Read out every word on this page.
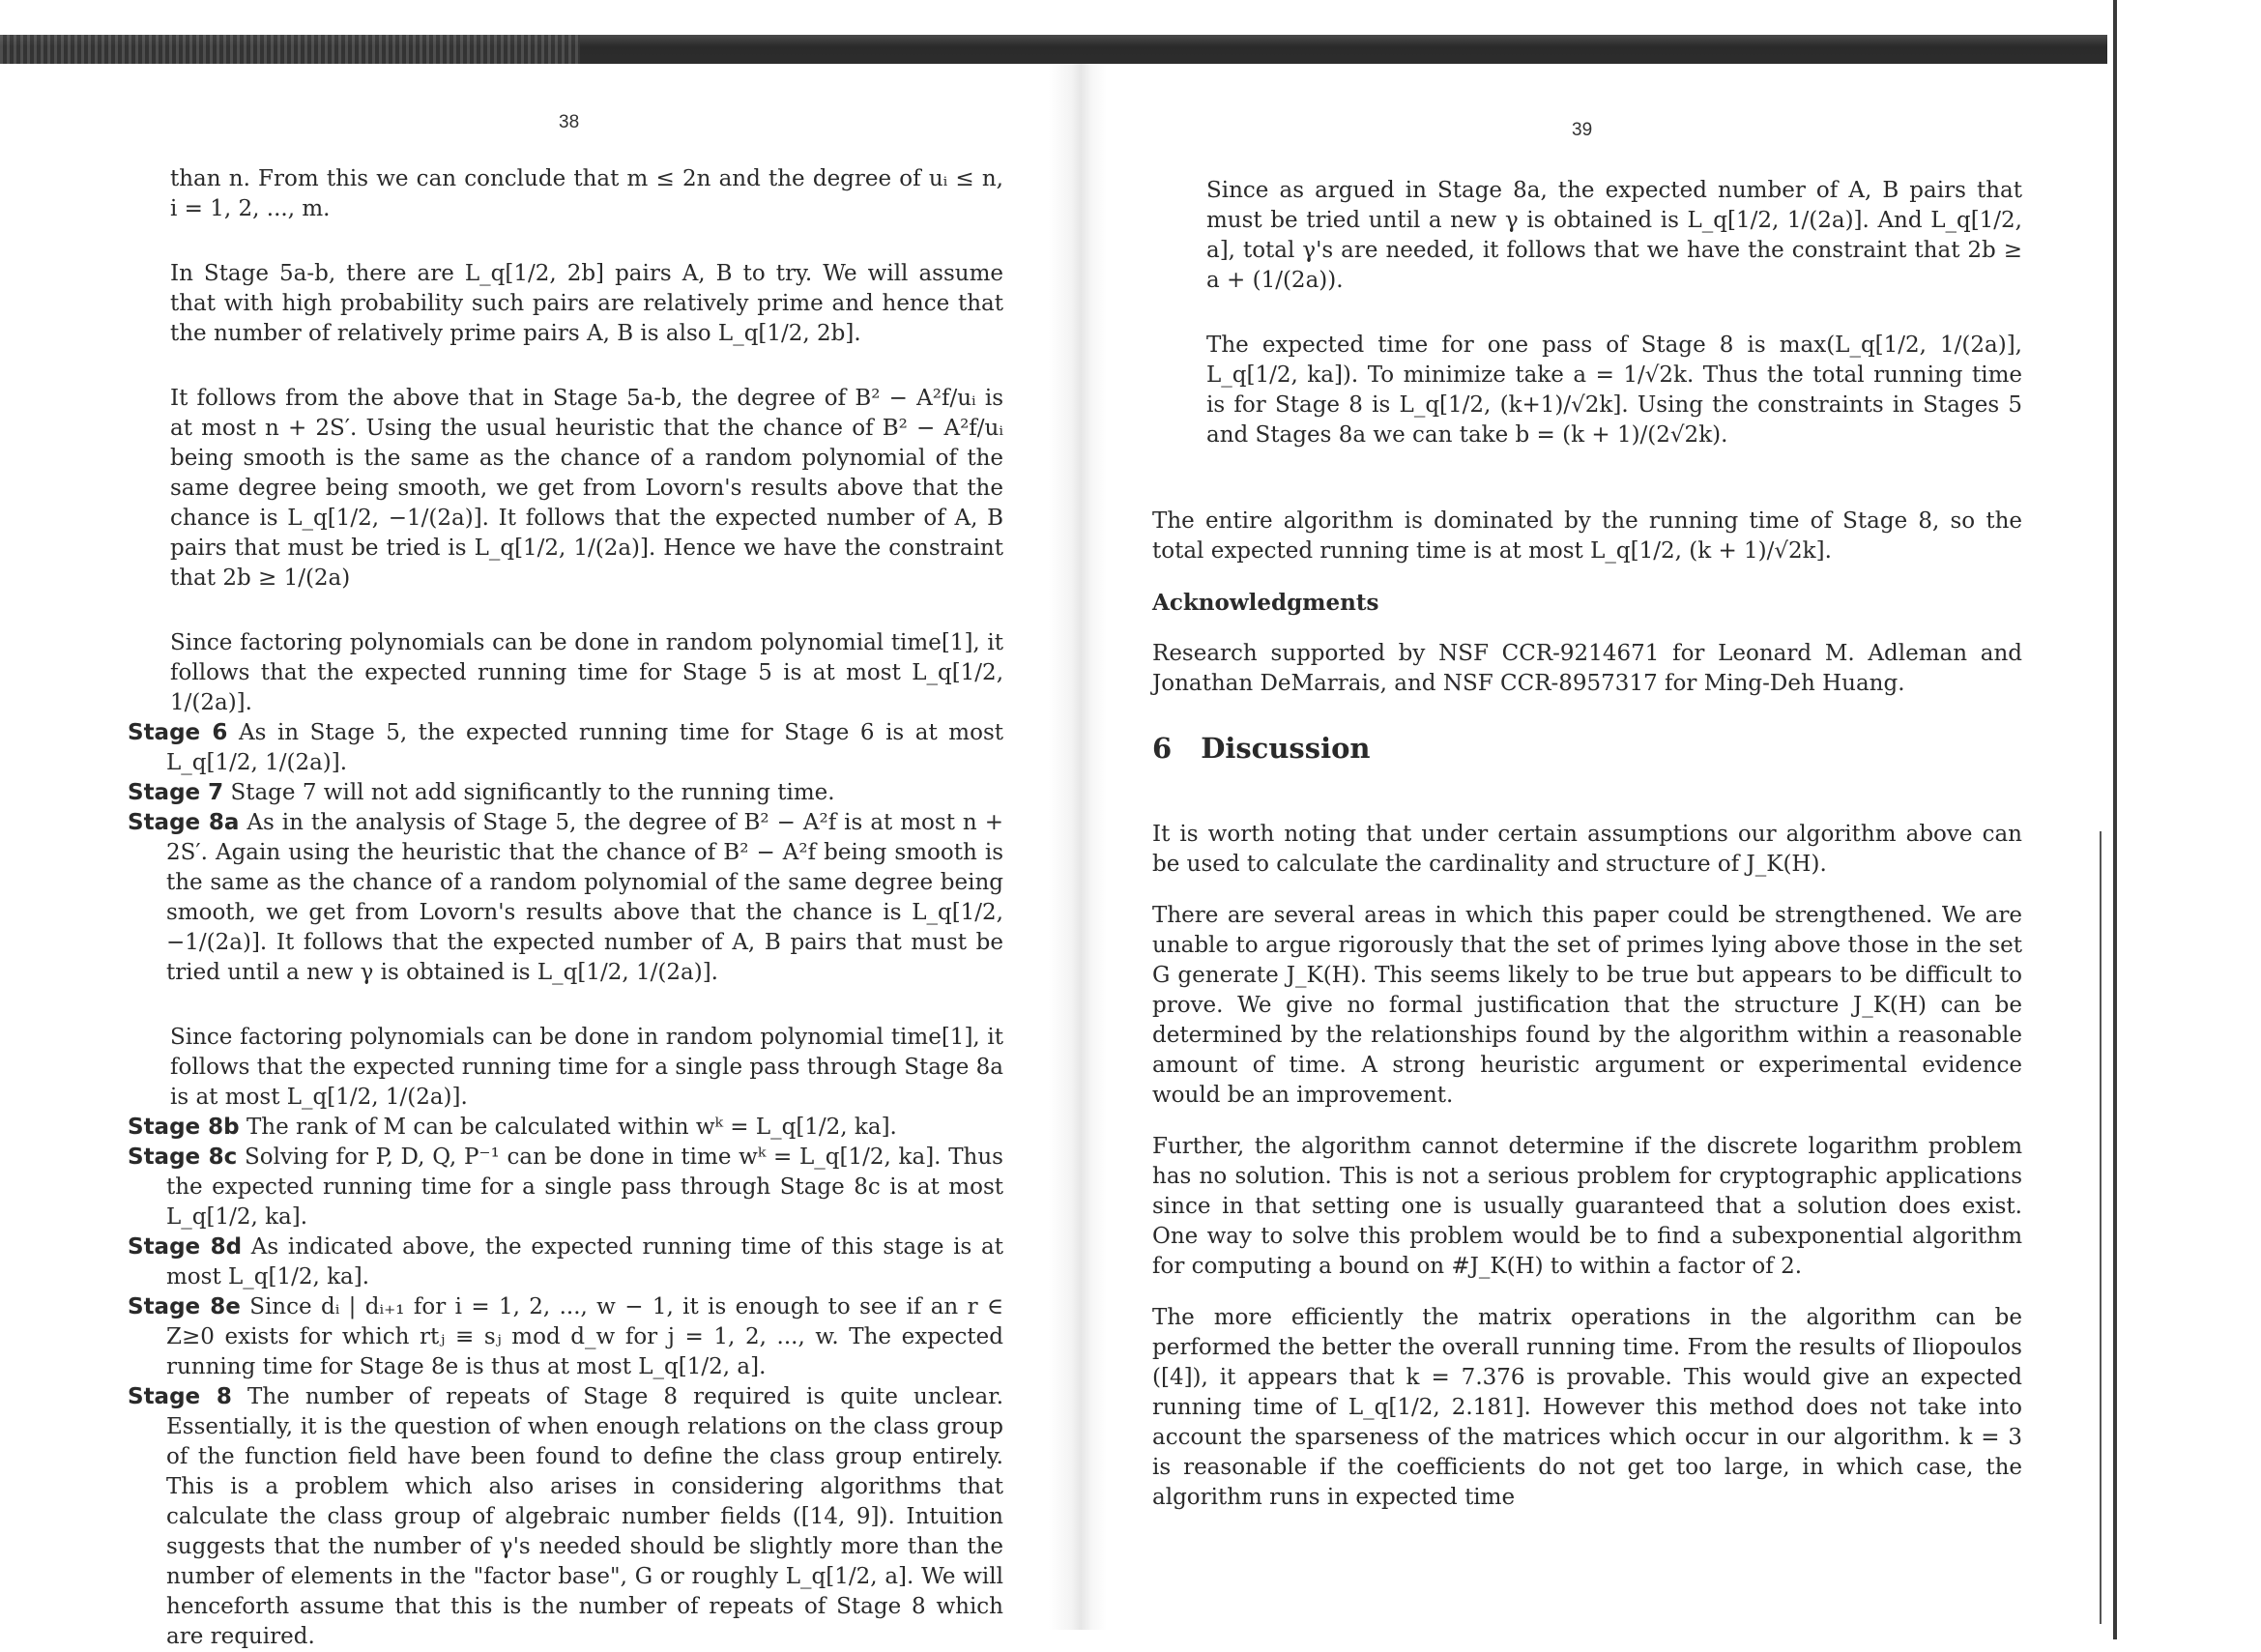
38

than n. From this we can conclude that m ≤ 2n and the degree of uᵢ ≤ n, i = 1, 2, ..., m.

In Stage 5a-b, there are L_q[1/2, 2b] pairs A, B to try. We will assume that with high probability such pairs are relatively prime and hence that the number of relatively prime pairs A, B is also L_q[1/2, 2b].

It follows from the above that in Stage 5a-b, the degree of B² − A²f/uᵢ is at most n + 2S′. Using the usual heuristic that the chance of B² − A²f/uᵢ being smooth is the same as the chance of a random polynomial of the same degree being smooth, we get from Lovorn's results above that the chance is L_q[1/2, −1/(2a)]. It follows that the expected number of A, B pairs that must be tried is L_q[1/2, 1/(2a)]. Hence we have the constraint that 2b ≥ 1/(2a)

Since factoring polynomials can be done in random polynomial time[1], it follows that the expected running time for Stage 5 is at most L_q[1/2, 1/(2a)].

Stage 6 As in Stage 5, the expected running time for Stage 6 is at most L_q[1/2, 1/(2a)].

Stage 7 Stage 7 will not add significantly to the running time.

Stage 8a As in the analysis of Stage 5, the degree of B² − A²f is at most n + 2S′. Again using the heuristic that the chance of B² − A²f being smooth is the same as the chance of a random polynomial of the same degree being smooth, we get from Lovorn's results above that the chance is L_q[1/2, −1/(2a)]. It follows that the expected number of A, B pairs that must be tried until a new γ is obtained is L_q[1/2, 1/(2a)].

Since factoring polynomials can be done in random polynomial time[1], it follows that the expected running time for a single pass through Stage 8a is at most L_q[1/2, 1/(2a)].

Stage 8b The rank of M can be calculated within wᵏ = L_q[1/2, ka].

Stage 8c Solving for P, D, Q, P⁻¹ can be done in time wᵏ = L_q[1/2, ka]. Thus the expected running time for a single pass through Stage 8c is at most L_q[1/2, ka].

Stage 8d As indicated above, the expected running time of this stage is at most L_q[1/2, ka].

Stage 8e Since dᵢ | dᵢ₊₁ for i = 1, 2, ..., w − 1, it is enough to see if an r ∈ Z≥0 exists for which rtⱼ ≡ sⱼ mod d_w for j = 1, 2, ..., w. The expected running time for Stage 8e is thus at most L_q[1/2, a].

Stage 8 The number of repeats of Stage 8 required is quite unclear. Essentially, it is the question of when enough relations on the class group of the function field have been found to define the class group entirely. This is a problem which also arises in considering algorithms that calculate the class group of algebraic number fields ([14, 9]). Intuition suggests that the number of γ's needed should be slightly more than the number of elements in the "factor base", G or roughly L_q[1/2, a]. We will henceforth assume that this is the number of repeats of Stage 8 which are required.

39

Since as argued in Stage 8a, the expected number of A, B pairs that must be tried until a new γ is obtained is L_q[1/2, 1/(2a)]. And L_q[1/2, a], total γ's are needed, it follows that we have the constraint that 2b ≥ a + (1/(2a)).

The expected time for one pass of Stage 8 is max(L_q[1/2, 1/(2a)], L_q[1/2, ka]). To minimize take a = 1/√2k. Thus the total running time is for Stage 8 is L_q[1/2, (k+1)/√2k]. Using the constraints in Stages 5 and Stages 8a we can take b = (k + 1)/(2√2k).

The entire algorithm is dominated by the running time of Stage 8, so the total expected running time is at most L_q[1/2, (k + 1)/√2k].

Acknowledgments

Research supported by NSF CCR-9214671 for Leonard M. Adleman and Jonathan DeMarrais, and NSF CCR-8957317 for Ming-Deh Huang.

6 Discussion

It is worth noting that under certain assumptions our algorithm above can be used to calculate the cardinality and structure of J_K(H).

There are several areas in which this paper could be strengthened. We are unable to argue rigorously that the set of primes lying above those in the set G generate J_K(H). This seems likely to be true but appears to be difficult to prove. We give no formal justification that the structure J_K(H) can be determined by the relationships found by the algorithm within a reasonable amount of time. A strong heuristic argument or experimental evidence would be an improvement.

Further, the algorithm cannot determine if the discrete logarithm problem has no solution. This is not a serious problem for cryptographic applications since in that setting one is usually guaranteed that a solution does exist. One way to solve this problem would be to find a subexponential algorithm for computing a bound on #J_K(H) to within a factor of 2.

The more efficiently the matrix operations in the algorithm can be performed the better the overall running time. From the results of Iliopoulos ([4]), it appears that k = 7.376 is provable. This would give an expected running time of L_q[1/2, 2.181]. However this method does not take into account the sparseness of the matrices which occur in our algorithm. k = 3 is reasonable if the coefficients do not get too large, in which case, the algorithm runs in expected time
